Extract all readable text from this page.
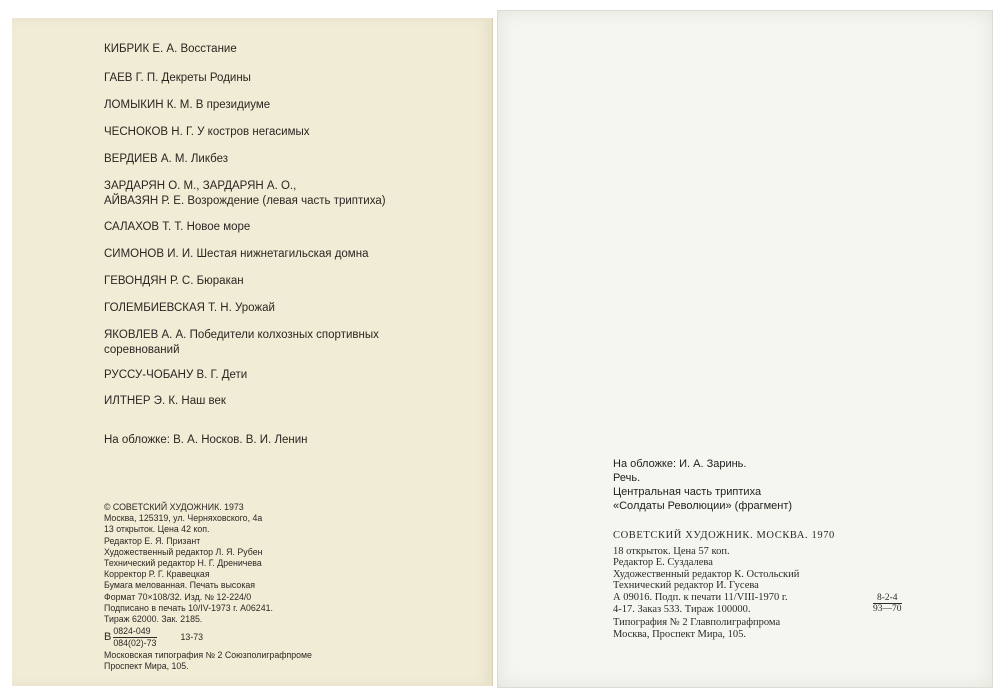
КИБРИК Е. А. Восстание
ГАЕВ Г. П. Декреты Родины
ЛОМЫКИН К. М. В президиуме
ЧЕСНОКОВ Н. Г. У костров негасимых
ВЕРДИЕВ А. М. Ликбез
ЗАРДАРЯН О. М., ЗАРДАРЯН А. О.,
АЙВАЗЯН Р. Е. Возрождение (левая часть триптиха)
САЛАХОВ Т. Т. Новое море
СИМОНОВ И. И. Шестая нижнетагильская домна
ГЕВОНДЯН Р. С. Бюракан
ГОЛЕМБИЕВСКАЯ Т. Н. Урожай
ЯКОВЛЕВ А. А. Победители колхозных спортивных
соревнований
РУССУ-ЧОБАНУ В. Г. Дети
ИЛТНЕР Э. К. Наш век
На обложке: В. А. Носков. В. И. Ленин
© СОВЕТСКИЙ ХУДОЖНИК. 1973
Москва, 125319, ул. Черняховского, 4а
13 открыток. Цена 42 коп.
Редактор Е. Я. Призант
Художественный редактор Л. Я. Рубен
Технический редактор Н. Г. Дреничева
Корректор Р. Г. Кравецкая
Бумага мелованная. Печать высокая
Формат 70×108/32. Изд. № 12-224/0
Подписано в печать 10/IV-1973 г. А06241.
Тираж 62000. Зак. 2185.
В $\frac{0824-049}{084(02)-73}$	13-73
Московская типография № 2 Союзполиграфпроме
Проспект Мира, 105.
На обложке: И. А. Заринь.
Речь.
Центральная часть триптиха
«Солдаты Революции» (фрагмент)
СОВЕТСКИЙ ХУДОЖНИК. МОСКВА. 1970
18 открыток. Цена 57 коп.
Редактор Е. Суздалева
Художественный редактор К. Остольский
Технический редактор И. Гусева
А 09016. Подп. к печати 11/VIII-1970 г.
4-17. Заказ 533. Тираж 100000.	$\frac{8-2-4}{93—70}$
Типография № 2 Главполиграфпрома
Москва, Проспект Мира, 105.
